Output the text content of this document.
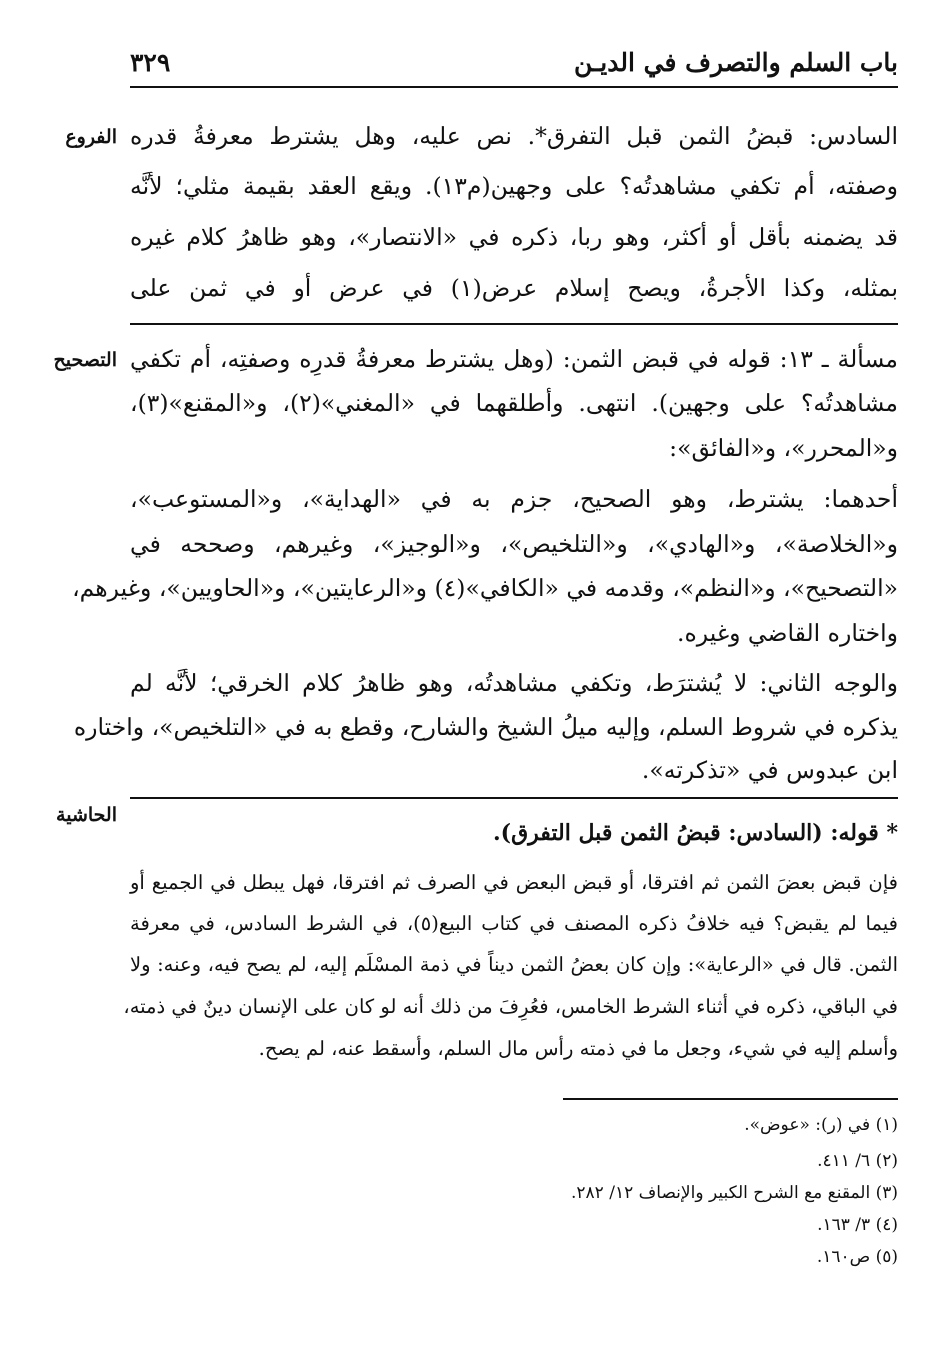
باب السلم والتصرف في الديـن
٣٢٩
الفروع
التصحيح
الحاشية
السادس: قبضُ الثمن قبل التفرق*. نص عليه، وهل يشترط معرفةُ قدره
وصفته، أم تكفي مشاهدتُه؟ على وجهين(م١٣). ويقع العقد بقيمة مثلي؛ لأنَّه
قد يضمنه بأقل أو أكثر، وهو ربا، ذكره في «الانتصار»، وهو ظاهرُ كلام غيره
بمثله، وكذا الأجرةُ، ويصح إسلام عرض(١) في عرض أو في ثمن على
مسألة ـ ١٣: قوله في قبض الثمن: (وهل يشترط معرفةُ قدرِه وصفتِه، أم تكفي
مشاهدتُه؟ على وجهين). انتهى. وأطلقهما في «المغني»(٢)، و«المقنع»(٣)،
و«المحرر»، و«الفائق»:
أحدهما: يشترط، وهو الصحيح، جزم به في «الهداية»، و«المستوعب»،
و«الخلاصة»، و«الهادي»، و«التلخيص»، و«الوجيز»، وغيرهم، وصححه في
«التصحيح»، و«النظم»، وقدمه في «الكافي»(٤) و«الرعايتين»، و«الحاويين»، وغيرهم،
واختاره القاضي وغيره.
والوجه الثاني: لا يُشترَط، وتكفي مشاهدتُه، وهو ظاهرُ كلام الخرقي؛ لأنَّه لم
يذكره في شروط السلم، وإليه ميلُ الشيخ والشارح، وقطع به في «التلخيص»، واختاره
ابن عبدوس في «تذكرته».
* قوله: (السادس: قبضُ الثمن قبل التفرق).
فإن قبض بعضَ الثمن ثم افترقا، أو قبض البعض في الصرف ثم افترقا، فهل يبطل في الجميع أو
فيما لم يقبض؟ فيه خلافُ ذكره المصنف في كتاب البيع(٥)، في الشرط السادس، في معرفة
الثمن. قال في «الرعاية»: وإن كان بعضُ الثمن ديناً في ذمة المسْلَم إليه، لم يصح فيه، وعنه: ولا
في الباقي، ذكره في أثناء الشرط الخامس، فعُرِفَ من ذلك أنه لو كان على الإنسان دينٌ في ذمته،
وأسلم إليه في شيء، وجعل ما في ذمته رأس مال السلم، وأسقط عنه، لم يصح.
(١) في (ر): «عوض».
(٢) ٦/ ٤١١.
(٣) المقنع مع الشرح الكبير والإنصاف ١٢/ ٢٨٢.
(٤) ٣/ ١٦٣.
(٥) ص١٦٠.
